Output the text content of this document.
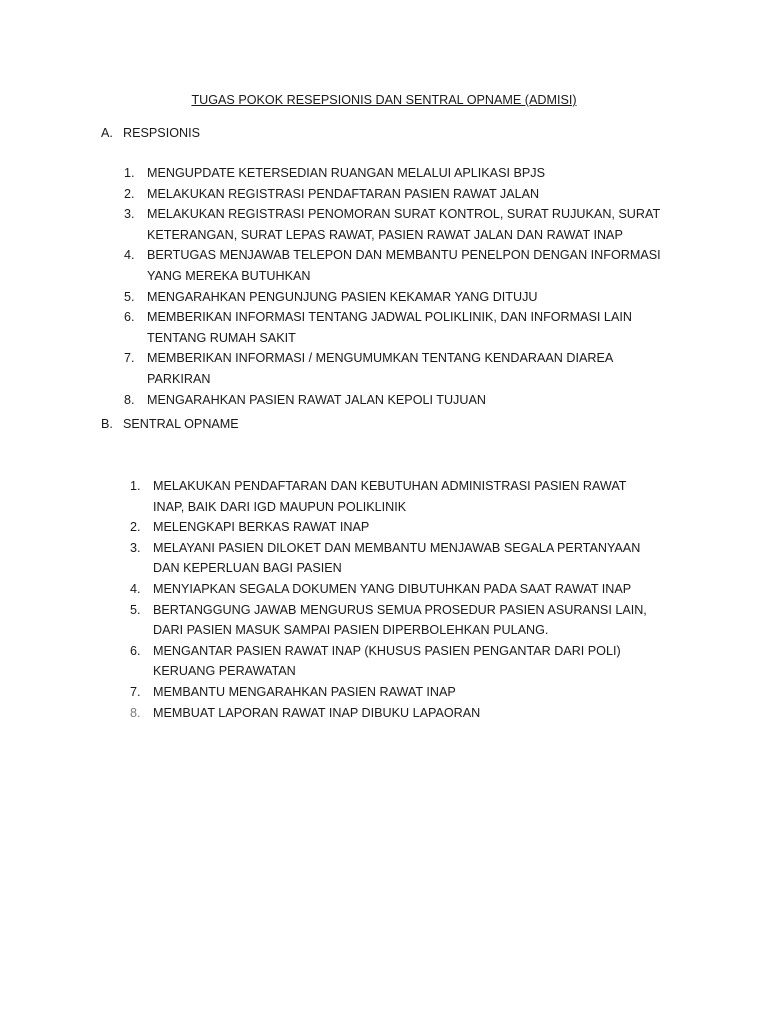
TUGAS POKOK RESEPSIONIS DAN SENTRAL OPNAME (ADMISI)
A. RESPSIONIS
1. MENGUPDATE KETERSEDIAN RUANGAN MELALUI APLIKASI BPJS
2. MELAKUKAN REGISTRASI PENDAFTARAN PASIEN RAWAT JALAN
3. MELAKUKAN REGISTRASI PENOMORAN SURAT KONTROL, SURAT RUJUKAN, SURAT KETERANGAN, SURAT LEPAS RAWAT, PASIEN RAWAT JALAN DAN RAWAT INAP
4. BERTUGAS MENJAWAB TELEPON DAN MEMBANTU PENELPON DENGAN INFORMASI YANG MEREKA BUTUHKAN
5. MENGARAHKAN PENGUNJUNG PASIEN KEKAMAR YANG DITUJU
6. MEMBERIKAN INFORMASI TENTANG JADWAL POLIKLINIK, DAN INFORMASI LAIN TENTANG RUMAH SAKIT
7. MEMBERIKAN INFORMASI / MENGUMUMKAN TENTANG KENDARAAN DIAREA PARKIRAN
8. MENGARAHKAN PASIEN RAWAT JALAN KEPOLI TUJUAN
B. SENTRAL OPNAME
1. MELAKUKAN PENDAFTARAN DAN KEBUTUHAN ADMINISTRASI PASIEN RAWAT INAP, BAIK DARI IGD MAUPUN POLIKLINIK
2. MELENGKAPI BERKAS RAWAT INAP
3. MELAYANI PASIEN DILOKET DAN MEMBANTU MENJAWAB SEGALA PERTANYAAN DAN KEPERLUAN BAGI PASIEN
4. MENYIAPKAN SEGALA DOKUMEN YANG DIBUTUHKAN PADA SAAT RAWAT INAP
5. BERTANGGUNG JAWAB MENGURUS SEMUA PROSEDUR PASIEN ASURANSI LAIN, DARI PASIEN MASUK SAMPAI PASIEN DIPERBOLEHKAN PULANG.
6. MENGANTAR PASIEN RAWAT INAP (KHUSUS PASIEN PENGANTAR DARI POLI) KERUANG PERAWATAN
7. MEMBANTU MENGARAHKAN PASIEN RAWAT INAP
8. MEMBUAT LAPORAN RAWAT INAP DIBUKU LAPAORAN
